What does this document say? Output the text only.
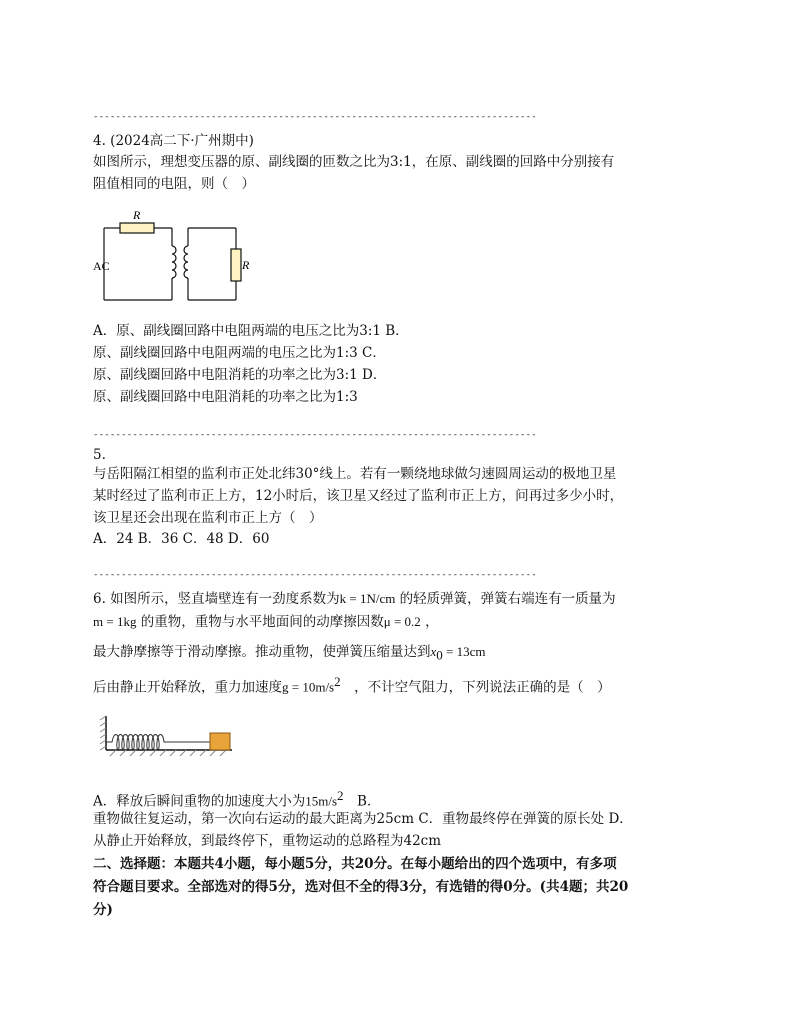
-------------------------------------------------------------------------------
4. (2024高二下·广州期中)
如图所示，理想变压器的原、副线圈的匝数之比为3:1，在原、副线圈的回路中分别接有
阻值相同的电阻，则（　）
R
R
AC
A．原、副线圈回路中电阻两端的电压之比为3:1 B．
原、副线圈回路中电阻两端的电压之比为1:3 C．
原、副线圈回路中电阻消耗的功率之比为3:1 D．
原、副线圈回路中电阻消耗的功率之比为1:3
-------------------------------------------------------------------------------
5.
与岳阳隔江相望的监利市正处北纬30°线上。若有一颗绕地球做匀速圆周运动的极地卫星
某时经过了监利市正上方，12小时后，该卫星又经过了监利市正上方，问再过多少小时，
该卫星还会出现在监利市正上方（　）
A．24 B．36 C．48 D．60
-------------------------------------------------------------------------------
6. 如图所示，竖直墙壁连有一劲度系数为k = 1N/cm 的轻质弹簧，弹簧右端连有一质量为
m = 1kg 的重物，重物与水平地面间的动摩擦因数μ = 0.2 ，
最大静摩擦等于滑动摩擦。推动重物，使弹簧压缩量达到$x_0 = 13cm$
后由静止开始释放，重力加速度$g = 10m/s^2$　，不计空气阻力，下列说法正确的是（　）
A．释放后瞬间重物的加速度大小为$15m/s^2$　B．
重物做往复运动，第一次向右运动的最大距离为25cm C．重物最终停在弹簧的原长处 D．
从静止开始释放，到最终停下，重物运动的总路程为42cm
二、选择题：本题共4小题，每小题5分，共20分。在每小题给出的四个选项中，有多项
符合题目要求。全部选对的得5分，选对但不全的得3分，有选错的得0分。(共4题；共20
分)
